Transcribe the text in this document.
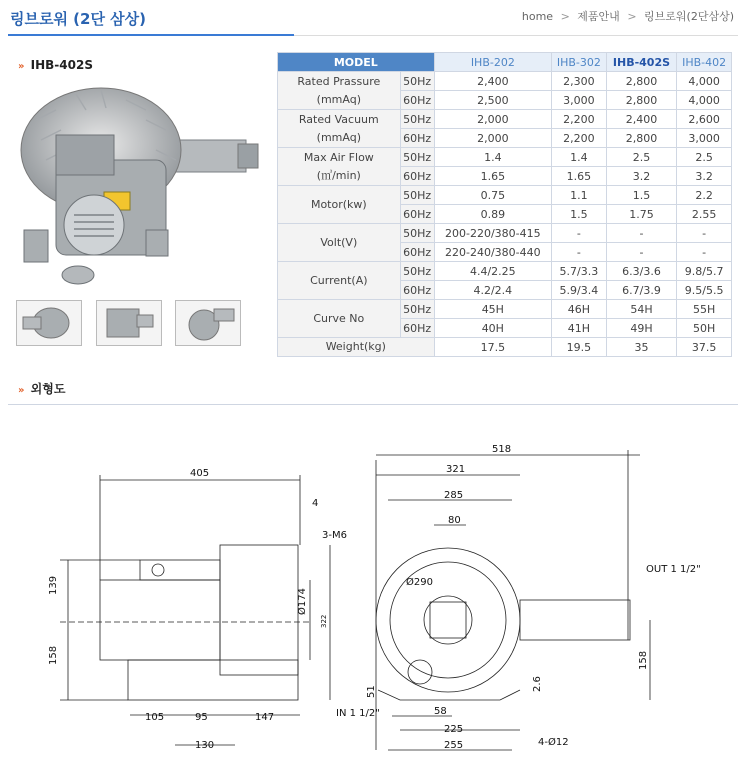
링브로워 (2단 삼상)	home > 제품안내 > 링브로워(2단삼상)
» IHB-402S	MODEL		IHB-202	IHB-302	IHB-402S	IHB-402
Rated Prassure
(mmAq)	50Hz	2,400	2,300	2,800	4,000
	60Hz	2,500	3,000	2,800	4,000
Rated Vacuum
(mmAq)	50Hz	2,000	2,200	2,400	2,600
	60Hz	2,000	2,200	2,800	3,000
Max Air Flow
(㎥/min)	50Hz	1.4	1.4	2.5	2.5
	60Hz	1.65	1.65	3.2	3.2
Motor(kw)	50Hz	0.75	1.1	1.5	2.2
	60Hz	0.89	1.5	1.75	2.55
Volt(V)	50Hz	200-220/380-415	-	-	-
	60Hz	220-240/380-440	-	-	-
Current(A)	50Hz	4.4/2.25	5.7/3.3	6.3/3.6	9.8/5.7
	60Hz	4.2/2.4	5.9/3.4	6.7/3.9	9.5/5.5
Curve No	50Hz	45H	46H	54H	55H
	60Hz	40H	41H	49H	50H
Weight(kg)		17.5	19.5	35	37.5
» 외형도
405
4
3-M6
139
158
Ø174
322
105	95	147
130
518
321
285
80
Ø290
OUT 1 1/2"
158
2.6
51
IN 1 1/2"	58
225
255	4-Ø12
